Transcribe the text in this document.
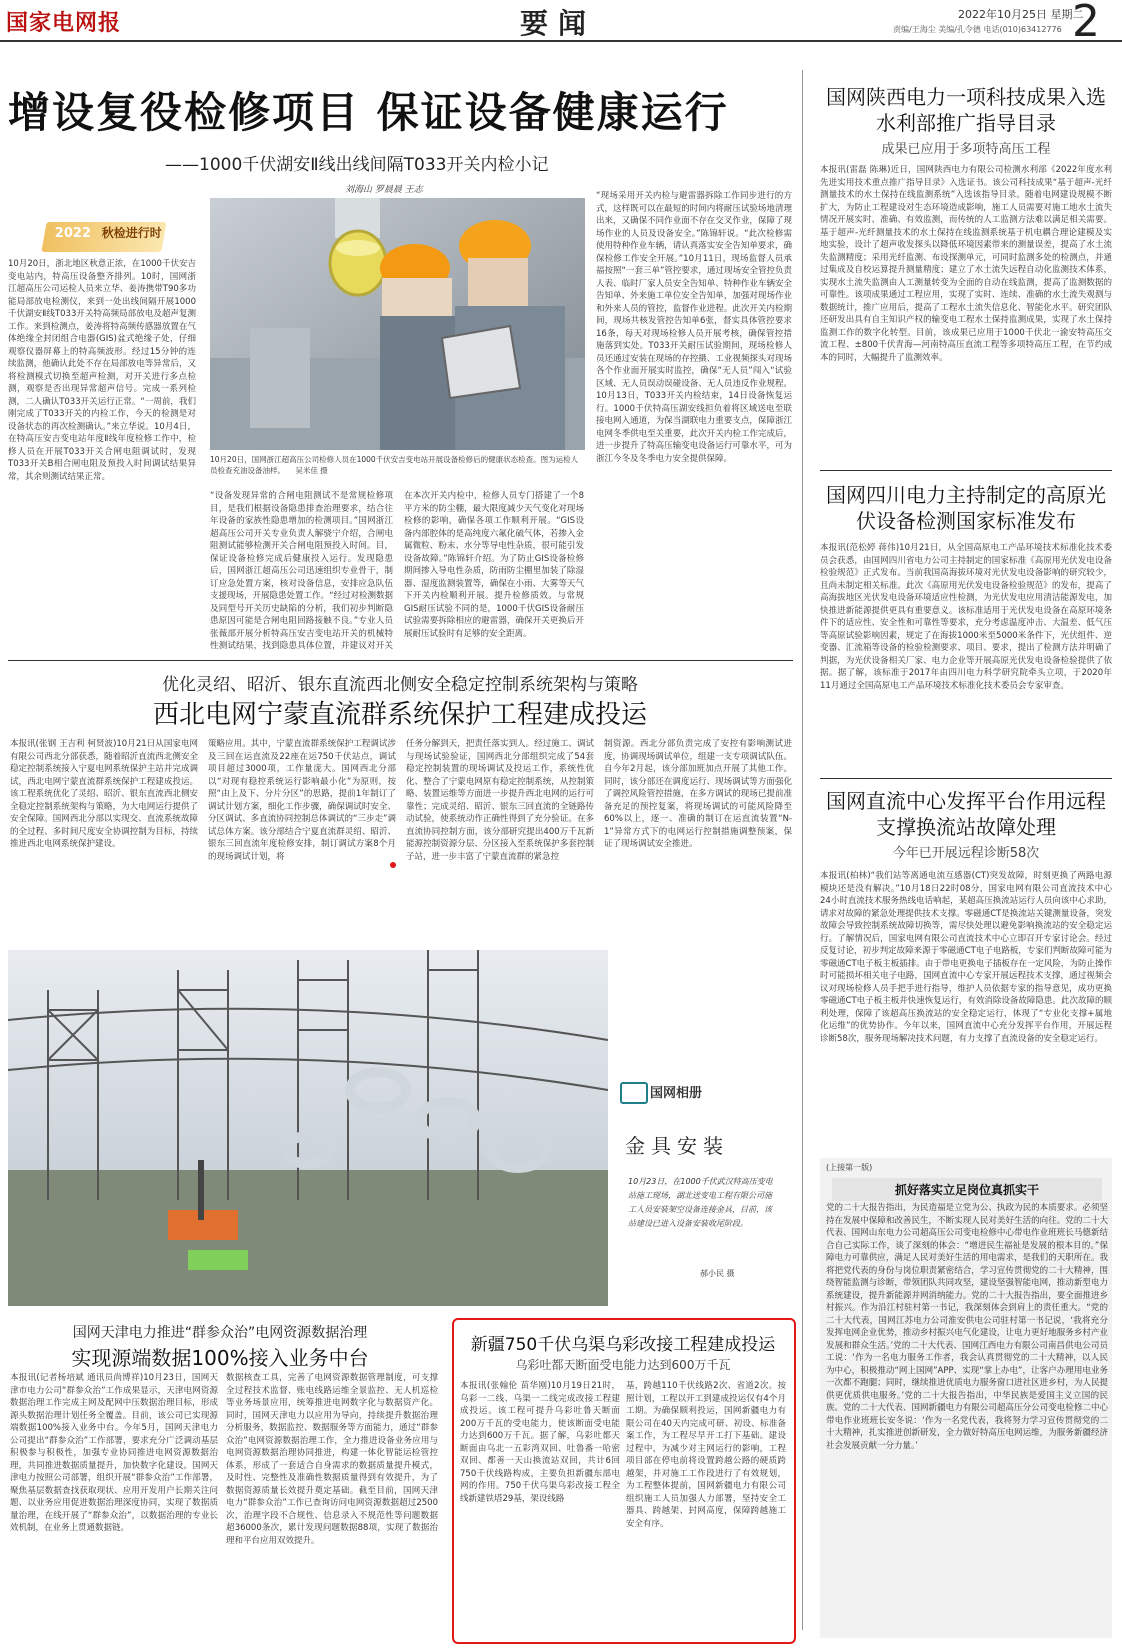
国家电网报	要闻	2022年10月25日 星期二
责编/王海尘 美编/孔令德 电话(010)63412776 2
增设复役检修项目 保证设备健康运行
——1000千伏湖安Ⅱ线出线间隔T033开关内检小记
刘海山 罗晨晨 王志
2022 秋检进行时
10月20日，浙北地区秋意正浓，在1000千伏安吉变电站内，特高压设备整齐排列。10时，国网浙江超高压公司运检人员来立华、姜涛携带T90多功能局部放电检测仪，来到一处出线间隔开展1000千伏湖安Ⅱ线T033开关特高频局部放电及超声复测工作。来到检测点，姜涛将特高频传感器放置在气体绝缘全封闭组合电器(GIS)盆式绝缘子处，仔细观察仪器屏幕上的特高频波形。经过15分钟的连续监测，他确认此处不存在局部放电等异常后，又将检测模式切换至超声检测，对开关进行多点检测，观察是否出现异常超声信号。完成一系列检测，二人确认T033开关运行正常。“一周前，我们刚完成了T033开关的内检工作，今天的检测是对设备状态的再次检测确认。”来立华说。10月4日，在特高压安吉变电站年度Ⅱ线年度检修工作中，检修人员在开展T033开关合闸电阻调试时，发现T033开关B相合闸电阻及预投入时间调试结果异常，其余则测试结果正常。
10月20日，国网浙江超高压公司检修人员在1000千伏安吉变电站开展设备检修后的健康状态检查。图为运检人员检查充油设备油样。 吴米佳 摄
“设备发现异常的合闸电阻测试不是常规检修项目，是我们根据设备隐患排查治理要求，结合往年设备的家族性隐患增加的检测项目。”国网浙江超高压公司开关专业负责人解骁宁介绍，合闸电阻测试能够检测开关合闸电阻预投入时间。目，保证设备检修完成后健康投入运行。发现隐患后，国网浙江超高压公司迅速组织专业骨干，制订应急处置方案，核对设备信息，安排应急队伍支援现场，开展隐患处置工作。“经过对检测数据及同型号开关历史缺陷的分析，我们初步判断隐患原因可能是合闸电阻回路接触不良。”专业人员张薇部开展分析特高压安吉变电站开关的机械特性测试结果，找到隐患具体位置，并建议对开关
在本次开关内检中，检修人员专门搭建了一个8平方米的防尘棚，最大限度减少天气变化对现场检修的影响，确保各项工作顺利开展。“GIS设备内部腔体的是高纯度六氟化硫气体，若掺入金属微粒、粉末、水分等导电性杂质，很可能引发设备故障。”陈锦轩介绍。为了防止GIS设备检修期间掺入导电性杂质，防雨防尘棚里加装了除湿器、湿度监测装置等，确保在小雨、大雾等天气下开关内检顺利开展。提升检修质效。与常规GIS耐压试验不同的是，1000千伏GIS设备耐压试验需要拆除相应的避雷器，确保开关更换后开展耐压试验时有足够的安全距离。
“现场采用开关内检与避雷器拆除工作同步进行的方式，这样既可以在最短的时间内将耐压试验场地清理出来，又确保不同作业面不存在交叉作业，保障了现场作业的人员及设备安全。”陈锦轩说。“此次检修需使用特种作业车辆，请认真落实安全告知单要求，确保检修工作安全开展。”10月11日，现场监督人员承福按照“一套三单”管控要求，通过现场安全管控负责人表、临时厂家人员安全告知单、特种作业车辆安全告知单、外来施工单位安全告知单，加强对现场作业和外来人员的管控，监督作业进程。此次开关内检期间，现场共核发管控告知单6张，督实具体管控要求16条，每天对现场检修人员开展考核，确保管控措施落到实处。T033开关耐压试验期间，现场检修人员还通过安装在现场的存控摄、工业视频探头对现场各个作业面开展实时监控，确保“无人员”闯入“试验区域、无人员误动误碰设备、无人员违反作业规程。10月13日，T033开关内检结束，14日设备恢复运行。1000千伏特高压湖安线担负着将区域送电至联接电网入通道，为保当湖联电力重要支点，保障浙江电网冬季供电至关重要，此次开关内检工作完成后，进一步提升了特高压输变电设备运行可靠水平，可为浙江今冬及冬季电力安全提供保障。
国网陕西电力一项科技成果入选水利部推广指导目录
成果已应用于多项特高压工程
本报讯(雷磊 陈琳)近日，国网陕西电力有限公司检测水利部《2022年度水利先进实用技术重点推广指导目录》入选证书。该公司科技成果“基于超声-光纤测量技术的水土保持在线监测系统”入选该指导目录。随着电网建设规模不断扩大，为防止工程建设对生态环境造成影响，施工人员需要对施工地水土流失情况开展实时、准确、有效监测，而传统的人工监测方法难以满足相关需要。基于超声-光纤测量技术的水土保持在线监测系统基于机电耦合理论建模及实地实验，设计了超声收发探头以降低环境因素带来的测量误差，提高了水土流失监测精度；采用光纤监测、布设探测单元，可同时监测多处的检测点，并通过集成及自校运算提升测量精度；建立了水土流失远程自动化监测技术体系，实现水土流失监测由人工测量转变为全面的自动在线监测，提高了监测数据的可靠性。该项成果通过工程应用，实现了实时、连续、准确的水土流失观测与数据统计，推广应用后，提高了工程水土流失信息化、智能化水平。研究团队还研发出具有自主知识产权的输变电工程水土保持监测成果，实现了水土保持监测工作的数字化转型。目前，该成果已应用于1000千伏北一渝安特高压交流工程、±800千伏青海—河南特高压直流工程等多项特高压工程，在节约成本的同时，大幅提升了监测效率。
国网四川电力主持制定的高原光伏设备检测国家标准发布
本报讯(范松婷 蒋伟)10月21日，从全国高原电工产品环境技术标准化技术委员会获悉，由国网四川省电力公司主持制定的国家标准《高原用光伏发电设备检验规范》正式发布。当前我国高海拔环境对光伏发电设备影响的研究较少，且尚未制定相关标准。此次《高原用光伏发电设备检验规范》的发布，提高了高海拔地区光伏发电设备环境适应性检测，为光伏发电应用清洁能源发电，加快推进新能源提供更具有重要意义。该标准适用于光伏发电设备在高原环境条件下的适应性、安全性和可靠性等要求，充分考虑温度冲击、大温差、低气压等高原试验影响因素，规定了在海拔1000米至5000米条件下，光伏组件、逆变器、汇流箱等设备的检验检测要求、项目、要求，提出了检测方法并明确了判据，为光伏设备相关厂家、电力企业等开展高原光伏发电设备检验提供了依据。据了解，该标准于2017年由四川电力科学研究院牵头立项，于2020年11月通过全国高原电工产品环境技术标准化技术委员会专家审查。
国网直流中心发挥平台作用远程支撑换流站故障处理
今年已开展远程诊断58次
本报讯(柏林)“我们站等离通电流互感器(CT)突发故障，时刻更换了两路电源模块还是没有解决。”10月18日22时08分，国家电网有限公司直流技术中心24小时直流技术服务热线电话响起，某超高压换流站运行人员向该中心求助，请求对故障的紧急处理提供技术支撑。零磁通CT是换流站关键测量设备，突发故障会导致控制系统故障切换等，需尽快处理以避免影响换流站的安全稳定运行。了解情况后，国家电网有限公司直流技术中心立即召开专家讨论会。经过反复讨论，初步判定故障来源于零磁通CT电子电路板，专家们判断故障可能为零磁通CT电子板主板插排。由于带电更换电子插板存在一定风险，为防止操作时可能损坏相关电子电路，国网直流中心专家开展远程技术支撑，通过视频会议对现场检修人员手把手进行指导，维护人员依据专家的指导意见，成功更换零磁通CT电子板主板并快速恢复运行，有效消除设备故障隐患。此次故障的顺利处理，保障了该超高压换流站的安全稳定运行，体现了“专业化支撑+属地化运维”的优势协作。今年以来，国网直流中心充分发挥平台作用，开展远程诊断58次，服务现场解决技术问题，有力支撑了直流设备的安全稳定运行。
(上接第一版)
抓好落实立足岗位真抓实干
党的二十大报告指出，为民造福是立党为公、执政为民的本质要求。必须坚持在发展中保障和改善民生，不断实现人民对美好生活的向往。党的二十大代表、国网山东电力公司超高压公司变电检修中心带电作业班班长马德新结合自己实际工作，谈了深刻的体会：“增进民生福祉是发展的根本目的。”保障电力可靠供应，满足人民对美好生活的用电需求，是我们的天职所在。我将把党代表的身份与岗位职责紧密结合，学习宣传贯彻党的二十大精神，围绕智能监测与诊断，带领团队共同攻坚，建设坚强智能电网，推动新型电力系统建设，提升新能源并网消纳能力。党的二十大报告指出，要全面推进乡村振兴。作为沿江村驻村第一书记，我深刻体会到肩上的责任重大。“党的二十大代表，国网江苏电力公司淮安供电公司驻村第一书记说，‘我将充分发挥电网企业优势，推动乡村振兴电气化建设，让电力更好地服务乡村产业发展和群众生活。’党的二十大代表、国网江西电力有限公司南昌供电公司员工说：‘作为一名电力服务工作者，我会认真贯彻党的二十大精神，以人民为中心，积极推动“网上国网”APP、实现“掌上办电”，让客户办理用电业务一次都不跑腿；同时，继续推进优质电力服务窗口进社区进乡村，为人民提供更优质供电服务。’党的二十大报告指出，中华民族是爱国主义立国的民族。党的二十大代表、国网新疆电力有限公司超高压分公司变电检修二中心带电作业班班长安冬说：‘作为一名党代表，我将努力学习宣传贯彻党的二十大精神，扎实推进创新研发，全力做好特高压电网运维，为服务新疆经济社会发展贡献一分力量。’
优化灵绍、昭沂、银东直流西北侧安全稳定控制系统架构与策略
西北电网宁蒙直流群系统保护工程建成投运
本报讯(张钢 王吉利 柯贤波)10月21日从国家电网有限公司西北分部获悉，随着昭沂直流西北侧安全稳定控制系统接入宁夏电网系统保护主站并完成调试，西北电网宁蒙直流群系统保护工程建成投运。该工程系统优化了灵绍、昭沂、银东直流西北侧安全稳定控制系统架构与策略，为大电网运行提供了安全保障。国网西北分部以实现交、直流系统故障的全过程、多时间尺度安全协调控制为目标，持续推进西北电网系统保护建设。
策略应用。其中，宁蒙直流群系统保护工程调试涉及三回在运直流及22座在运750千伏站点，调试项目超过3000项，工作量庞大。国网西北分部以“对现有稳控系统运行影响最小化”为原则，按照“由上及下、分片分区”的思路，提前1年制订了调试计划方案，细化工作步骤，确保调试时安全、分区调试、多直流协同控制总体调试的“三步走”调试总体方案。该分部结合宁夏直流群灵绍、昭沂、银东三回直流年度检修安排，制订调试方案8个月的现场调试计划，将
任务分解到天，把责任落实到人。经过施工、调试与现场试验验证，国网西北分部组织完成了54套稳定控制装置的现场调试及投运工作，系统性优化、整合了宁蒙电网原有稳定控制系统，从控制策略、装置运维等方面进一步提升西北电网的运行可靠性；完成灵绍、昭沂、银东三回直流的全链路传动试验，使系统动作正确性得到了充分验证。在多直流协同控制方面，该分部研究提出400万千瓦新能源控制资源分层、分区接入至系统保护多套控制子站，进一步丰富了宁蒙直流群的紧急控
制资源。西北分部负责完成了安控有影响测试进度，协调现场调试单位，组建一支专项调试队伍。自今年2月起，该分部加班加点开展了其他工作。同时，该分部还在调度运行、现场调试等方面强化了调控风险管控措施，在多方调试的现场已提前准备充足的预控复案，将现场调试的可能风险降至60%以上，逐一、准确的制订在运直流装置“N-1”异常方式下的电网运行控制措施调整预案，保证了现场调试安全推进。
国网相册
金具安装
10月23日，在1000千伏武汉特高压变电站施工现场，湖北送变电工程有限公司施工人员安装架空设备连接金具，目前，该站建设已进入设备安装收尾阶段。
郝小民 摄
国网天津电力推进“群参众治”电网资源数据治理
实现源端数据100%接入业务中台
本报讯(记者杨培斌 通讯员尚博祥)10月23日，国网天津市电力公司“群参众治”工作成果显示，天津电网资源数据治理工作完成主网及配网中压数据治理目标，形成源头数据治理计划任务全覆盖。目前，该公司已实现源端数据100%接入业务中台。今年5月，国网天津电力公司提出“群参众治”工作部署，要求充分广泛调动基层积极参与积极性，加强专业协同推进电网资源数据治理，共同推进数据质量提升，加快数字化建设。国网天津电力按照公司部署，组织开展“群参众治”工作部署，聚焦基层数据查找获取现状、应用开发用户长期关注问题、以业务应用促进数据治理深度协同，实现了数据质量治理，在线开展了“群参众治”，以数据治理的专业长效机制，在业务上贯通数据链。
数据核查工具，完善了电网资源数据管理制度，可支撑全过程技术监督、账电线路运维全景监控、无人机巡检等业务场景应用，统筹推进电网数字化与数据资产化。同时，国网天津电力以应用为导向，持续提升数据治理分析服务，数据监控、数据服务等方面能力，通过“群参众治”电网资源数据治理工作，全力推进设备业务应用与电网资源数据治理协同推进，构建一体化智能运检管控体系，形成了一套适合自身需求的数据质量提升模式，及时性、完整性及准确性数据质量得到有效提升，为了数据资源质量长效提升奠定基础。截至目前，国网天津电力“群参众治”工作已查询访问电网资源数据超过2500次，治理字段不合规性、信息录入不规范性等问题数据超36000条次，累计发现问题数据88项，实现了数据治理和平台应用双效提升。
新疆750千伏乌渠乌彩改接工程建成投运
乌彩吐都天断面受电能力达到600万千瓦
本报讯(张翰伦 苗华刚)10月19日21时，乌彩一二线、乌渠一二线完成改接工程建成投运。该工程可提升乌彩吐鲁天断面200万千瓦的受电能力，使该断面受电能力达到600万千瓦。据了解，乌彩吐都天断面由乌北一五彩湾双回、吐鲁番一哈密双回、都善一天山换流站双回，共计6回750千伏线路构成，主要负担新疆东部电网的作用。750千伏乌渠乌彩改接工程全线新建铁塔29基，架设线路
基，跨越110千伏线路2次、省道2次。按照计划，工程以开工到建成投运仅有4个月工期。为确保顺利投运，国网新疆电力有限公司在40天内完成可研、初设、标准备案工作，为工程尽早开工打下基础。建设过程中，为减少对主网运行的影响，工程项目部在停电前将设置跨越公路的硬质跨越架，并对施工工作段进行了有效规划，为工程整体提前，国网新疆电力有限公司组织施工人员加强人力部署，坚持安全工器具、跨越架、封网高度，保障跨越施工安全有序。
